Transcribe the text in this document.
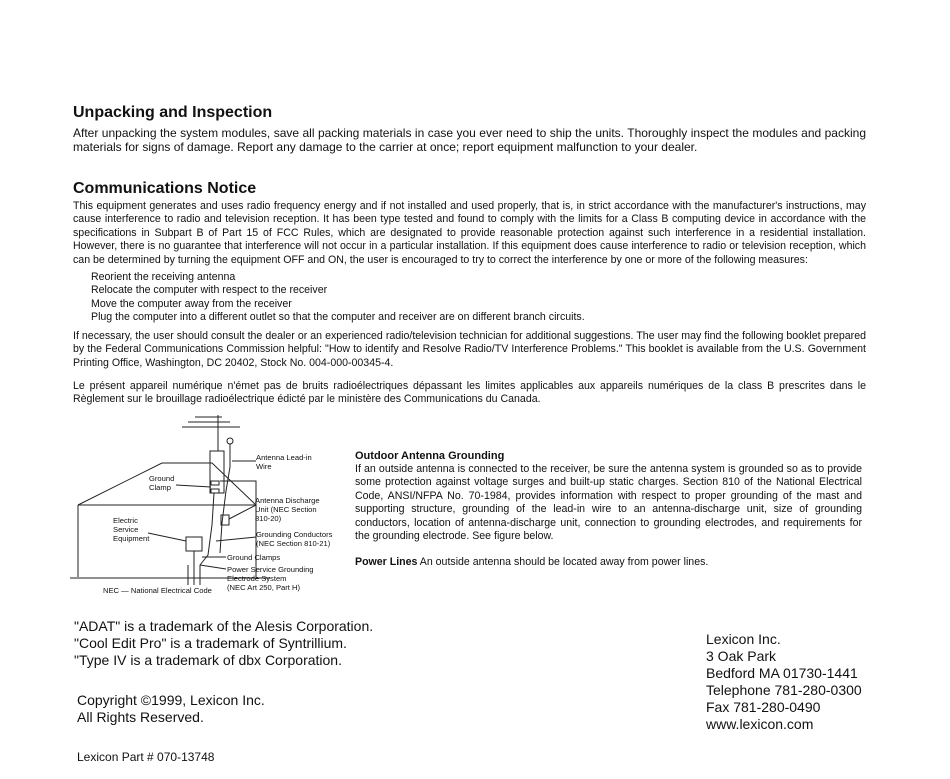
Unpacking and Inspection
After unpacking the system modules, save all packing materials in case you ever need to ship the units. Thoroughly inspect the modules and packing materials for signs of damage. Report any damage to the carrier at once; report equipment malfunction to your dealer.
Communications Notice
This equipment generates and uses radio frequency energy and if not installed and used properly, that is, in strict accordance with the manufacturer's instructions, may cause interference to radio and television reception. It has been type tested and found to comply with the limits for a Class B computing device in accordance with the specifications in Subpart B of Part 15 of FCC Rules, which are designated to provide reasonable protection against such interference in a residential installation. However, there is no guarantee that interference will not occur in a particular installation. If this equipment does cause interference to radio or television reception, which can be determined by turning the equipment OFF and ON, the user is encouraged to try to correct the interference by one or more of the following measures:
Reorient the receiving antenna
Relocate the computer with respect to the receiver
Move the computer away from the receiver
Plug the computer into a different outlet so that the computer and receiver are on different branch circuits.
If necessary, the user should consult the dealer or an experienced radio/television technician for additional suggestions. The user may find the following booklet prepared by the Federal Communications Commission helpful: "How to identify and Resolve Radio/TV Interference Problems." This booklet is available from the U.S. Government Printing Office, Washington, DC 20402, Stock No. 004-000-00345-4.
Le présent appareil numérique n'émet pas de bruits radioélectriques dépassant les limites applicables aux appareils numériques de la class B prescrites dans le Règlement sur le brouillage radioélectrique édicté par le ministère des Communications du Canada.
Antenna Lead-in
Wire
Ground
Clamp
Antenna Discharge
Unit (NEC Section
810-20)
Electric
Service
Equipment	Grounding Conductors
(NEC Section 810-21)
Ground Clamps
Power Service Grounding
Electrode System
(NEC Art 250, Part H)
NEC — National Electrical Code
Outdoor Antenna Grounding
If an outside antenna is connected to the receiver, be sure the antenna system is grounded so as to provide some protection against voltage surges and built-up static charges. Section 810 of the National Electrical Code, ANSI/NFPA No. 70-1984, provides information with respect to proper grounding of the mast and supporting structure, grounding of the lead-in wire to an antenna-discharge unit, size of grounding conductors, location of antenna-discharge unit, connection to grounding electrodes, and requirements for the grounding electrode. See figure below.
Power Lines An outside antenna should be located away from power lines.
"ADAT" is a trademark of the Alesis Corporation.
"Cool Edit Pro" is a trademark of Syntrillium.
"Type IV is a trademark of dbx Corporation.
Copyright ©1999, Lexicon Inc.
All Rights Reserved.
Lexicon Part # 070-13748
Lexicon Inc.
3 Oak Park
Bedford MA 01730-1441
Telephone 781-280-0300
Fax 781-280-0490
www.lexicon.com
